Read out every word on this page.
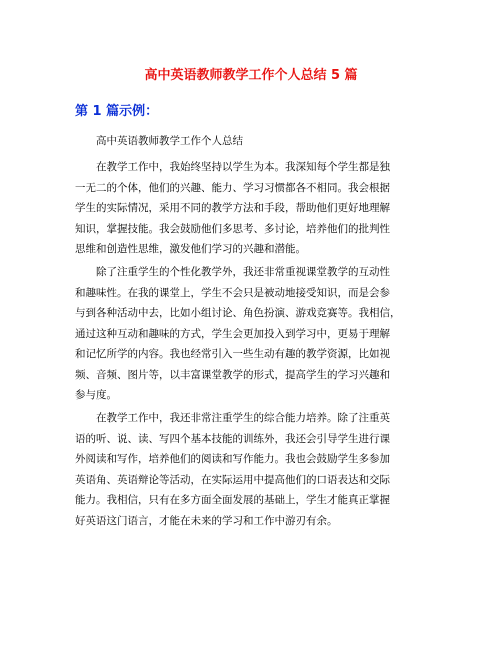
高中英语教师教学工作个人总结 5 篇
第 1 篇示例：
高中英语教师教学工作个人总结
在教学工作中，我始终坚持以学生为本。我深知每个学生都是独
一无二的个体，他们的兴趣、能力、学习习惯都各不相同。我会根据
学生的实际情况，采用不同的教学方法和手段，帮助他们更好地理解
知识，掌握技能。我会鼓励他们多思考、多讨论，培养他们的批判性
思维和创造性思维，激发他们学习的兴趣和潜能。
除了注重学生的个性化教学外，我还非常重视课堂教学的互动性
和趣味性。在我的课堂上，学生不会只是被动地接受知识，而是会参
与到各种活动中去，比如小组讨论、角色扮演、游戏竞赛等。我相信，
通过这种互动和趣味的方式，学生会更加投入到学习中，更易于理解
和记忆所学的内容。我也经常引入一些生动有趣的教学资源，比如视
频、音频、图片等，以丰富课堂教学的形式，提高学生的学习兴趣和
参与度。
在教学工作中，我还非常注重学生的综合能力培养。除了注重英
语的听、说、读、写四个基本技能的训练外，我还会引导学生进行课
外阅读和写作，培养他们的阅读和写作能力。我也会鼓励学生多参加
英语角、英语辩论等活动，在实际运用中提高他们的口语表达和交际
能力。我相信，只有在多方面全面发展的基础上，学生才能真正掌握
好英语这门语言，才能在未来的学习和工作中游刃有余。
